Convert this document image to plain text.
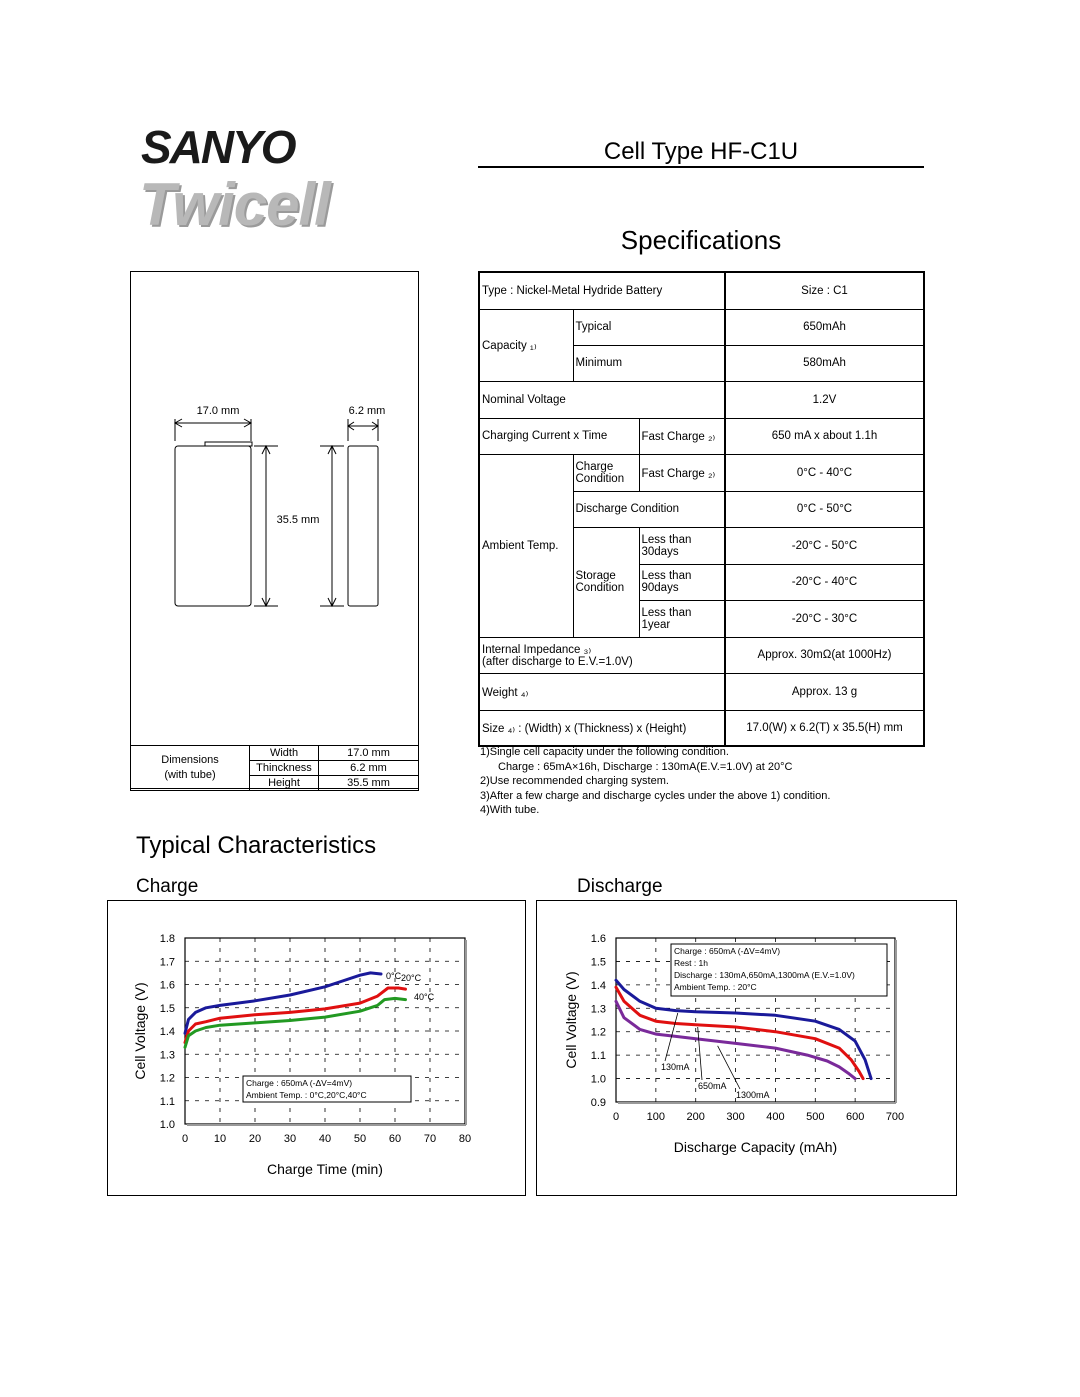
SANYO
Twicell
Cell Type HF-C1U
Specifications
17.0 mm
35.5 mm
6.2 mm
Dimensions
(with tube)	Width	17.0 mm
	Thinckness	6.2 mm
	Height	35.5 mm
Type : Nickel-Metal Hydride Battery			Size : C1
Capacity ₁₎	Typical		650mAh
	Minimum		580mAh
Nominal Voltage			1.2V
Charging Current x Time		Fast Charge ₂₎	650 mA x about 1.1h
Ambient Temp.	Charge Condition	Fast Charge ₂₎	0°C - 40°C
	Discharge Condition		0°C - 50°C
	Storage Condition	Less than 30days	-20°C - 50°C
		Less than 90days	-20°C - 40°C
		Less than 1year	-20°C - 30°C

Internal Impedance ₃₎
(after discharge to E.V.=1.0V)			Approx. 30mΩ(at 1000Hz)
Weight ₄₎			Approx. 13 g
Size ₄₎ : (Width) x (Thickness) x (Height)			17.0(W) x 6.2(T) x 35.5(H) mm
1)Single cell capacity under the following condition.
Charge : 65mA×16h, Discharge : 130mA(E.V.=1.0V) at 20°C
2)Use recommended charging system.
3)After a few charge and discharge cycles under the above 1) condition.
4)With tube.
Typical Characteristics
Charge	Discharge
0 10 20 30 40 50 60 70 80
1.0
1.1
1.2
1.3
1.4
1.5
1.6
1.7
1.8
0°C 20°C
40°C
Charge : 650mA (-ΔV=4mV)
Ambient Temp. : 0°C,20°C,40°C
Charge Time (min)
Cell Voltage (V)
0	100 200 300 400 500 600 700
0.9
1.0
1.1
1.2
1.3
1.4
1.5
1.6
130mA
650mA
1300mA
Charge : 650mA (-ΔV=4mV)
Rest : 1h
Discharge : 130mA,650mA,1300mA (E.V.=1.0V)
Ambient Temp. : 20°C
Discharge Capacity (mAh)
Cell Voltage (V)
